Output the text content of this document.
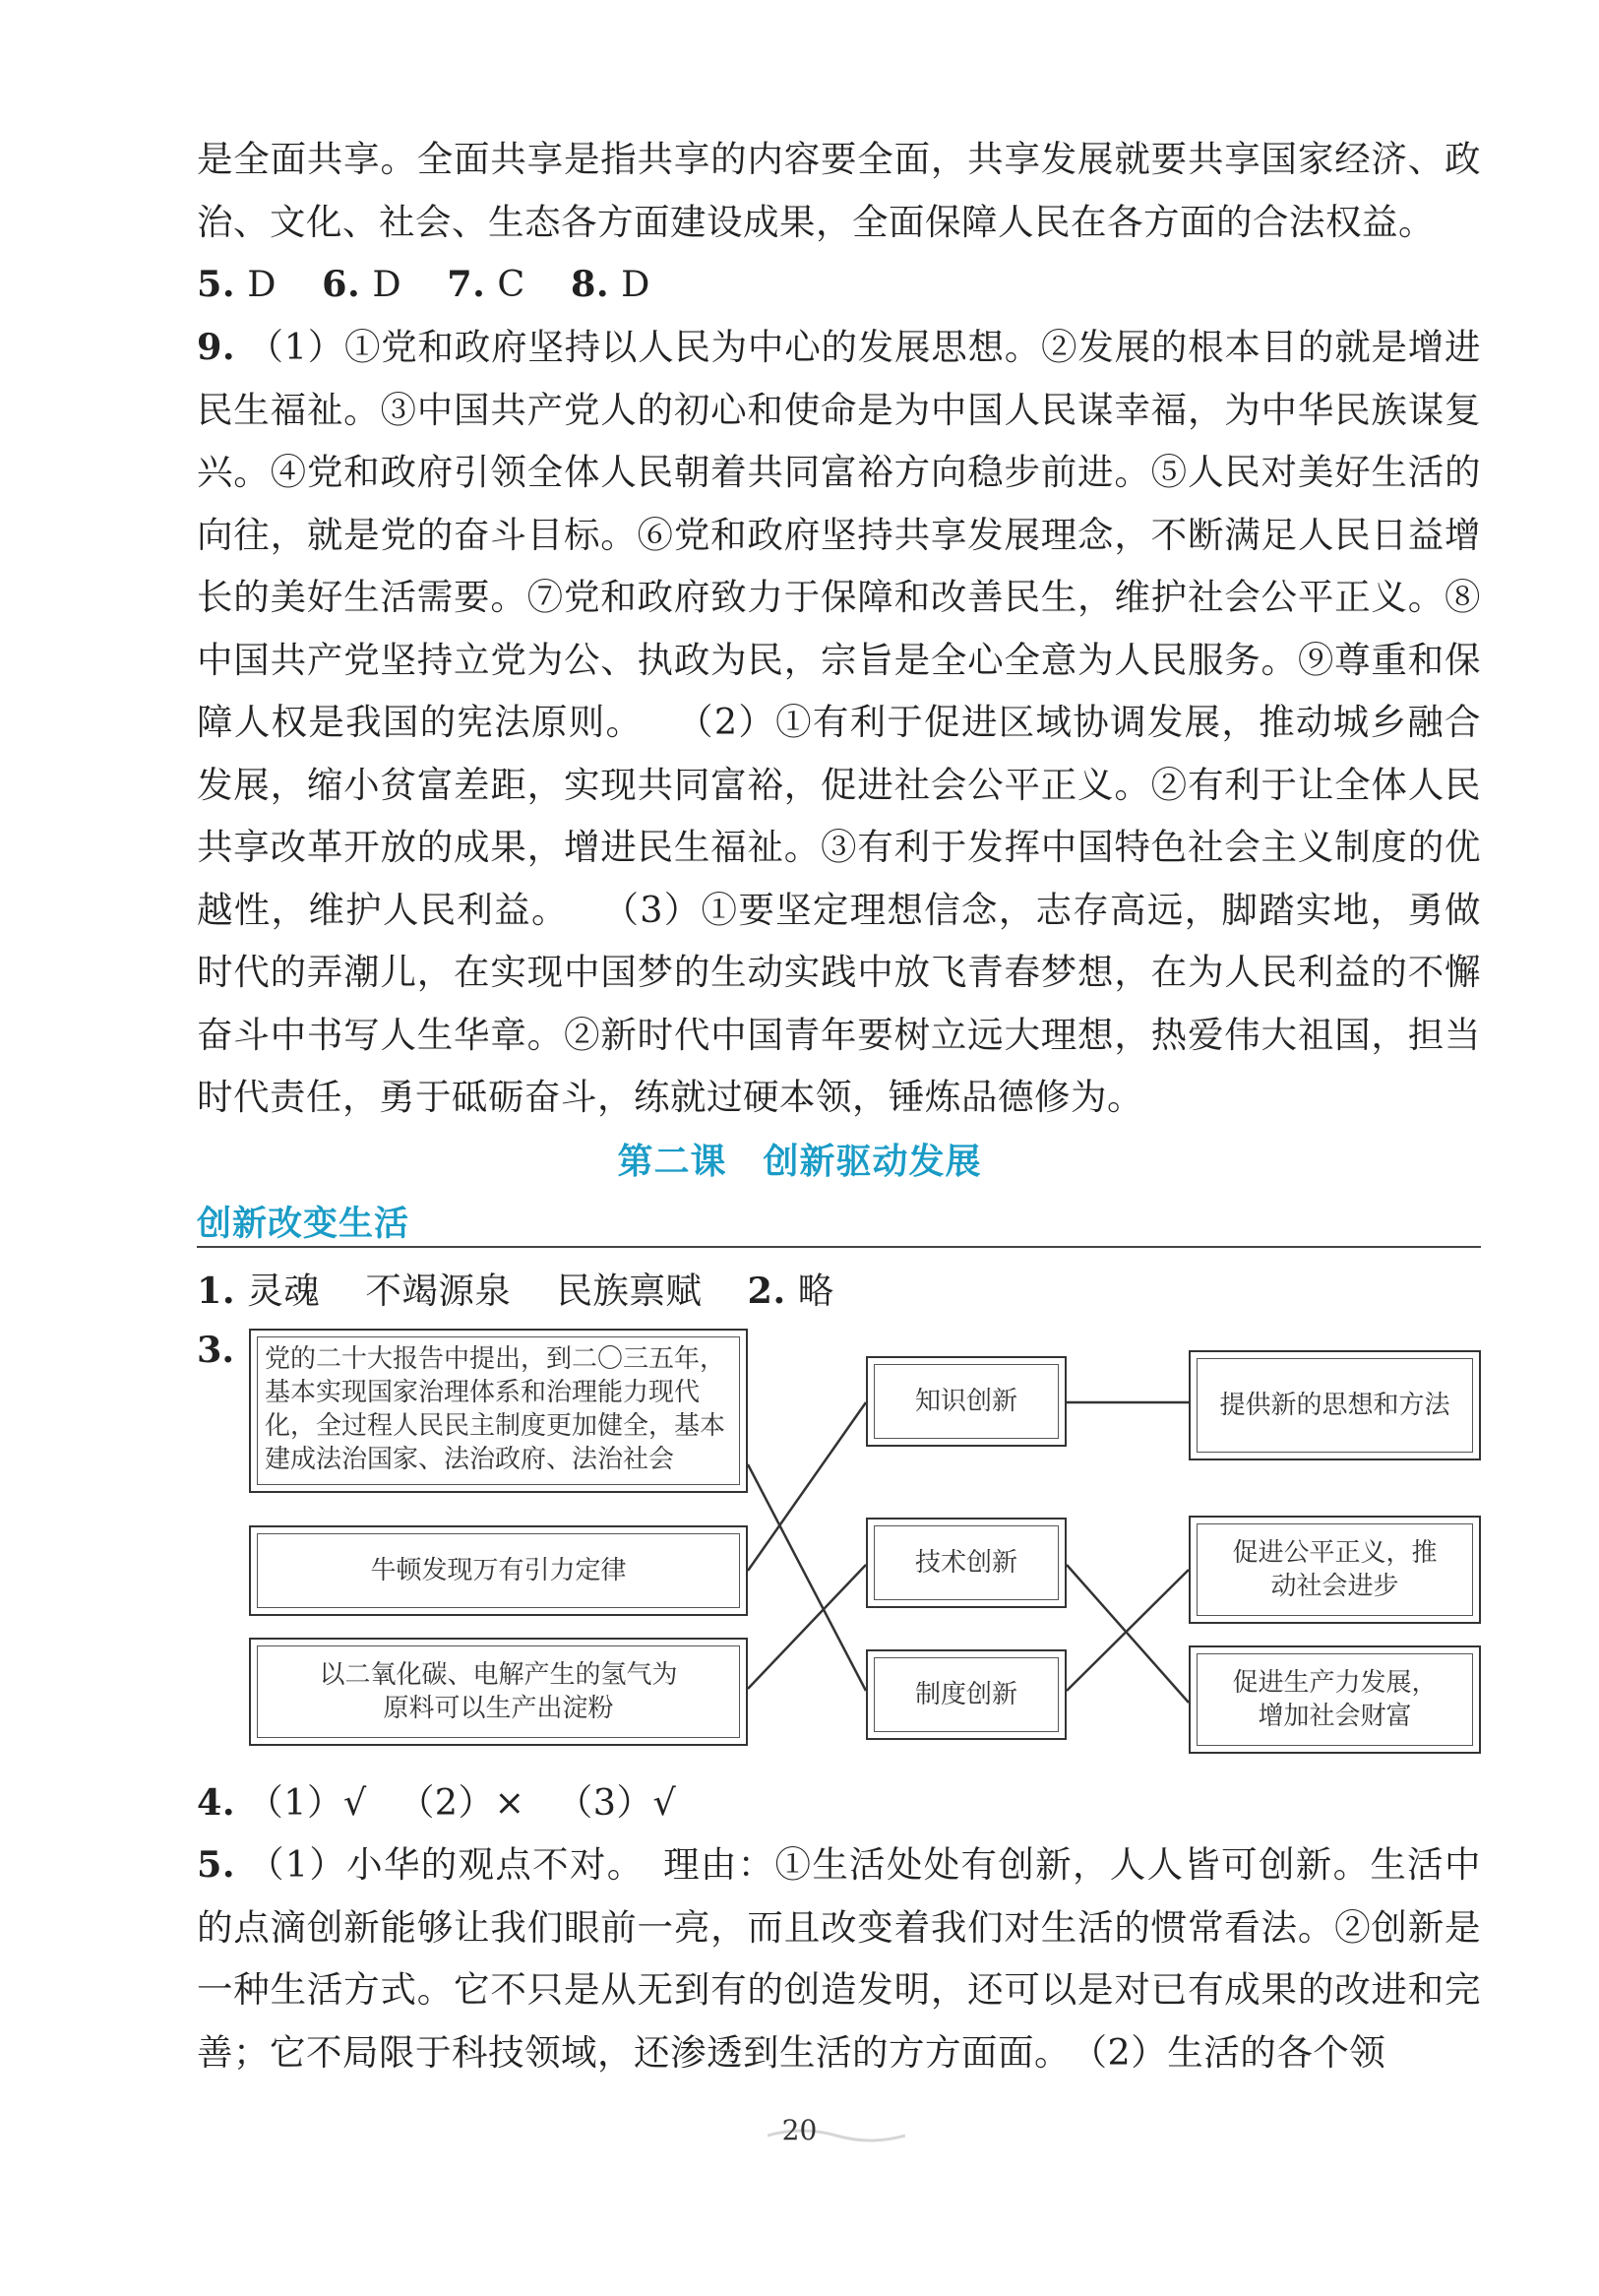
是全面共享。全面共享是指共享的内容要全面，共享发展就要共享国家经济、政治、文化、社会、生态各方面建设成果，全面保障人民在各方面的合法权益。
5. D 6. D 7. C 8. D
9. （1）①党和政府坚持以人民为中心的发展思想。②发展的根本目的就是增进民生福祉。③中国共产党人的初心和使命是为中国人民谋幸福，为中华民族谋复兴。④党和政府引领全体人民朝着共同富裕方向稳步前进。⑤人民对美好生活的向往，就是党的奋斗目标。⑥党和政府坚持共享发展理念，不断满足人民日益增长的美好生活需要。⑦党和政府致力于保障和改善民生，维护社会公平正义。⑧中国共产党坚持立党为公、执政为民，宗旨是全心全意为人民服务。⑨尊重和保障人权是我国的宪法原则。 （2）①有利于促进区域协调发展，推动城乡融合发展，缩小贫富差距，实现共同富裕，促进社会公平正义。②有利于让全体人民共享改革开放的成果，增进民生福祉。③有利于发挥中国特色社会主义制度的优越性，维护人民利益。 （3）①要坚定理想信念，志存高远，脚踏实地，勇做时代的弄潮儿，在实现中国梦的生动实践中放飞青春梦想，在为人民利益的不懈奋斗中书写人生华章。②新时代中国青年要树立远大理想，热爱伟大祖国，担当时代责任，勇于砥砺奋斗，练就过硬本领，锤炼品德修为。
第二课　创新驱动发展
创新改变生活
1. 灵魂 不竭源泉 民族禀赋 2. 略
3.	党的二十大报告中提出，到二〇三五年，基本实现国家治理体系和治理能力现代化，全过程人民民主制度更加健全，基本建成法治国家、法治政府、法治社会
牛顿发现万有引力定律
以二氧化碳、电解产生的氢气为原料可以生产出淀粉
知识创新
技术创新
制度创新
提供新的思想和方法
促进公平正义，推动社会进步
促进生产力发展，增加社会财富
4. （1）√ （2）× （3）√
5. （1）小华的观点不对。　理由：①生活处处有创新，人人皆可创新。生活中的点滴创新能够让我们眼前一亮，而且改变着我们对生活的惯常看法。②创新是一种生活方式。它不只是从无到有的创造发明，还可以是对已有成果的改进和完善；它不局限于科技领域，还渗透到生活的方方面面。　（2）生活的各个领
20
